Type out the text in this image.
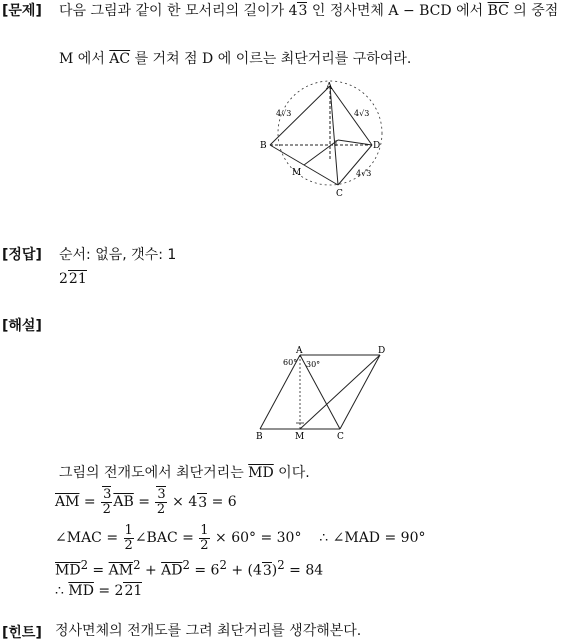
[문제] 다음 그림과 같이 한 모서리의 길이가 43 인 정사면체 A − BCD 에서 $\overline{BC}$ 의 중점
M 에서 $\overline{AC}$ 를 거쳐 점 D 에 이르는 최단거리를 구하여라.
A
B
C
D
M
4√3	4√3
4√3
[정답] 순서: 없음, 갯수: 1
221
[해설]
A
B	C
D
M
60° 30°
그림의 전개도에서 최단거리는 $\overline{MD}$ 이다.
$\overline{AM} = \frac{3}{2} \overline{AB} = \frac{3}{2} \times 4$ 3 = 6
∠MAC = $\frac{1}{2}$ ∠BAC = $\frac{1}{2} \times 60^\circ = 30^\circ$    ∴ ∠MAD = 90°
$\overline{MD}^2 = \overline{AM}^2 + \overline{AD}^2 = 6^2 + (43)^2 = 84$
∴ $\overline{MD} = 221$
[힌트] 정사면체의 전개도를 그려 최단거리를 생각해본다.
